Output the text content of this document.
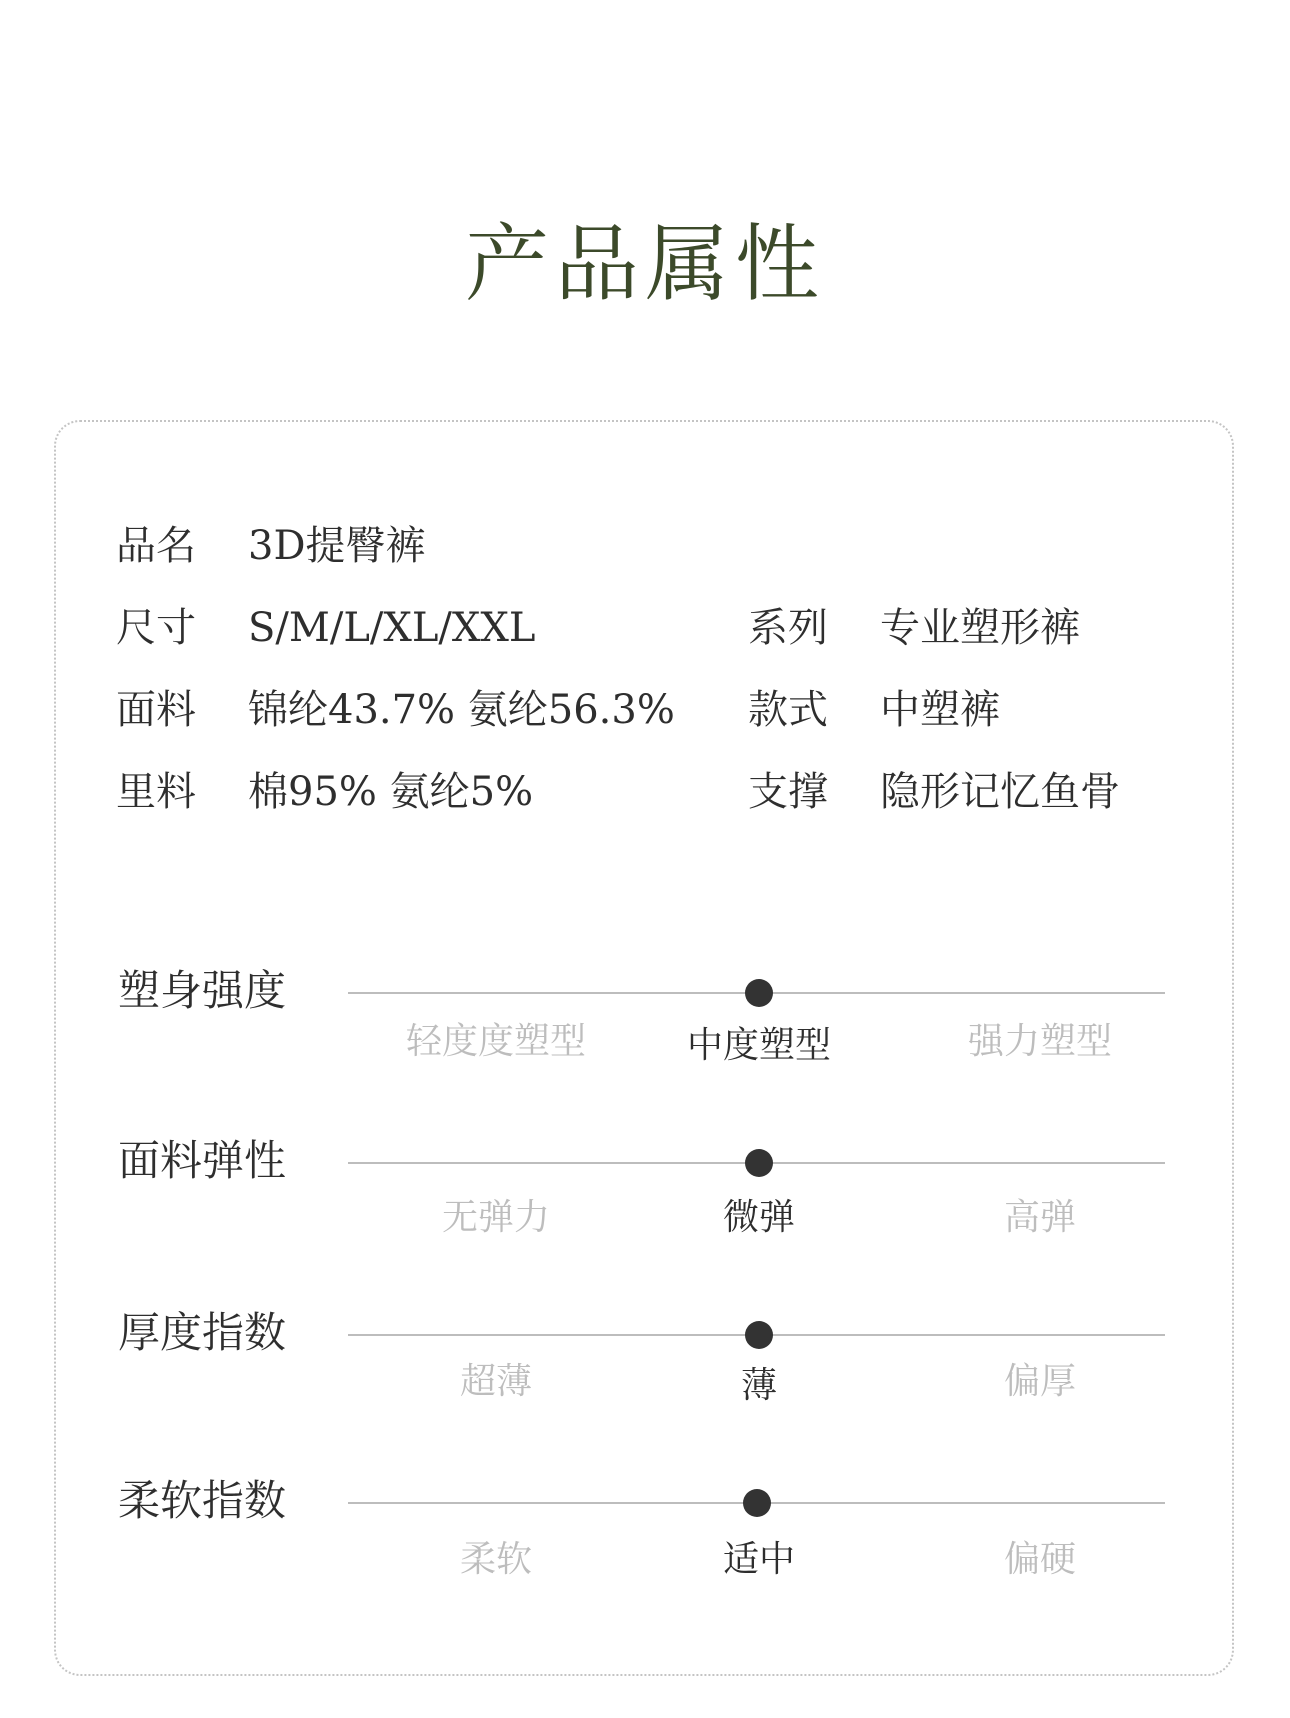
产品属性
品名 3D提臀裤
尺寸 S/M/L/XL/XXL
面料 锦纶43.7% 氨纶56.3%
里料 棉95% 氨纶5%
系列 专业塑形裤
款式 中塑裤
支撑 隐形记忆鱼骨
塑身强度
轻度度塑型	中度塑型	强力塑型
面料弹性
无弹力	微弹	高弹
厚度指数
超薄	薄	偏厚
柔软指数
柔软	适中	偏硬
